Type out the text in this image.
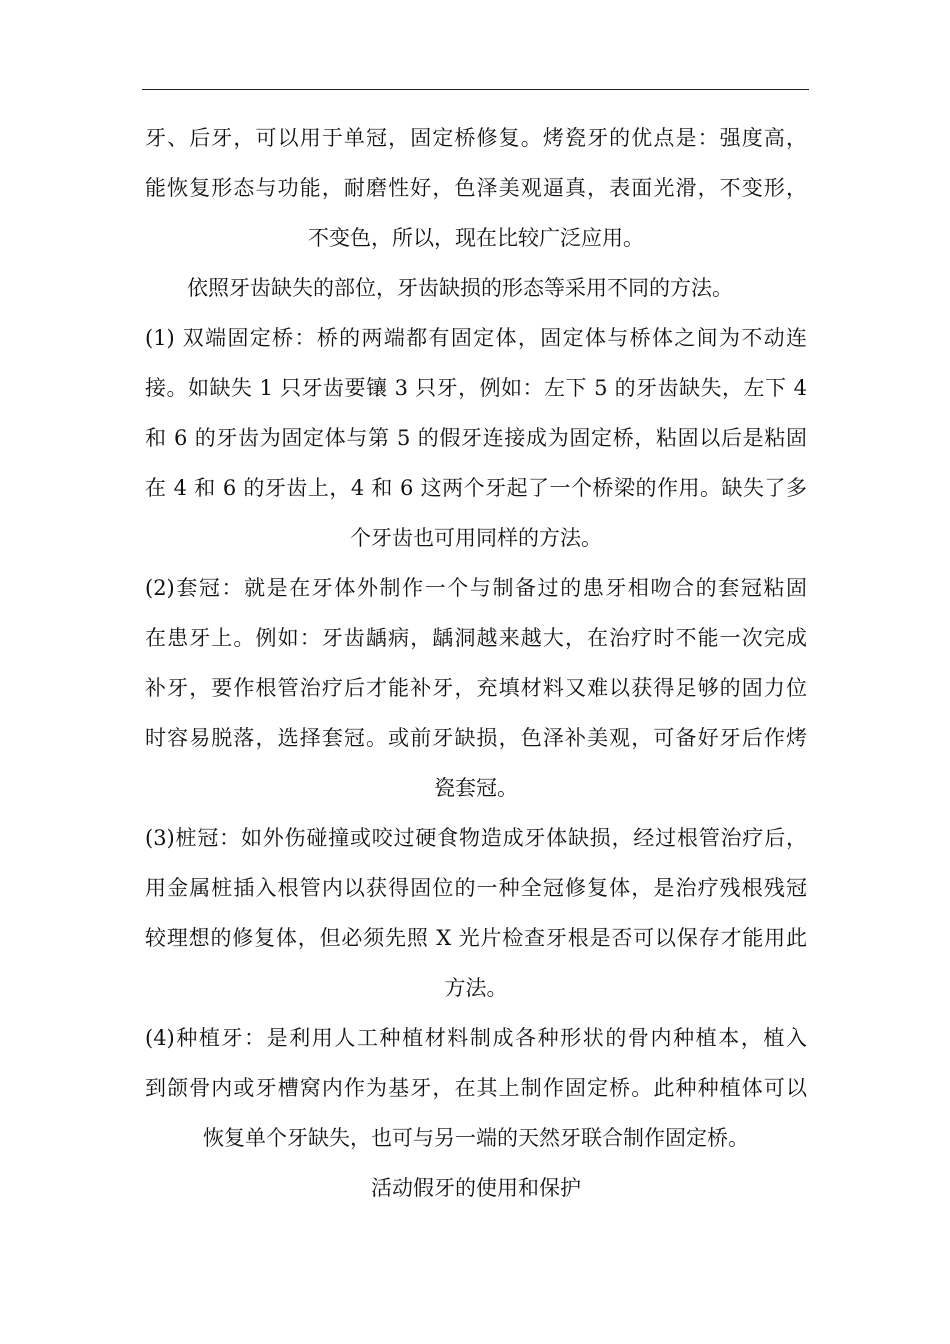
牙、后牙，可以用于单冠，固定桥修复。烤瓷牙的优点是：强度高，
能恢复形态与功能，耐磨性好，色泽美观逼真，表面光滑，不变形，
不变色，所以，现在比较广泛应用。
依照牙齿缺失的部位，牙齿缺损的形态等采用不同的方法。
(1) 双端固定桥：桥的两端都有固定体，固定体与桥体之间为不动连
接。如缺失 1 只牙齿要镶 3 只牙，例如：左下 5 的牙齿缺失，左下 4
和 6 的牙齿为固定体与第 5 的假牙连接成为固定桥，粘固以后是粘固
在 4 和 6 的牙齿上，4 和 6 这两个牙起了一个桥梁的作用。缺失了多
个牙齿也可用同样的方法。
(2)套冠：就是在牙体外制作一个与制备过的患牙相吻合的套冠粘固
在患牙上。例如：牙齿龋病，龋洞越来越大，在治疗时不能一次完成
补牙，要作根管治疗后才能补牙，充填材料又难以获得足够的固力位
时容易脱落，选择套冠。或前牙缺损，色泽补美观，可备好牙后作烤
瓷套冠。
(3)桩冠：如外伤碰撞或咬过硬食物造成牙体缺损，经过根管治疗后，
用金属桩插入根管内以获得固位的一种全冠修复体，是治疗残根残冠
较理想的修复体，但必须先照 X 光片检查牙根是否可以保存才能用此
方法。
(4)种植牙：是利用人工种植材料制成各种形状的骨内种植本，植入
到颌骨内或牙槽窝内作为基牙，在其上制作固定桥。此种种植体可以
恢复单个牙缺失，也可与另一端的天然牙联合制作固定桥。
活动假牙的使用和保护
